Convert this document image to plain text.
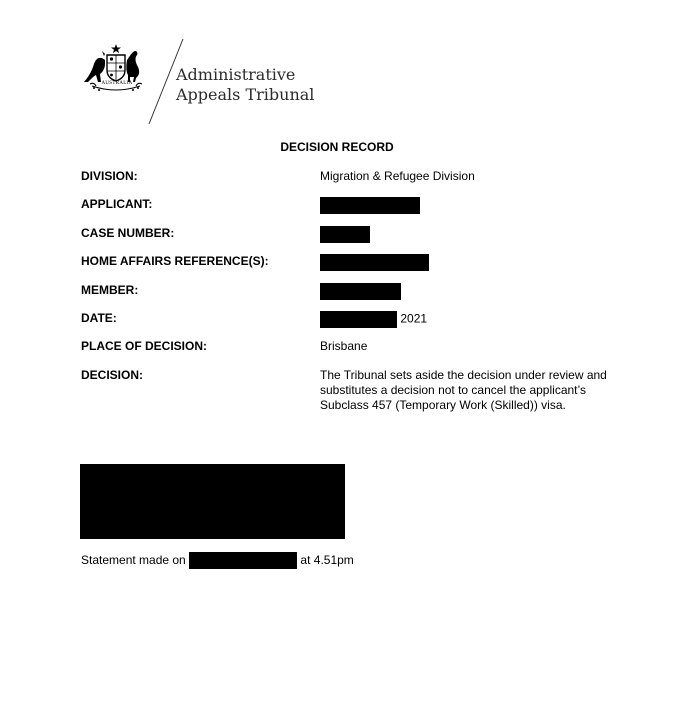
AUSTRALIA	Administrative
Appeals Tribunal
DECISION RECORD
DIVISION:	Migration & Refugee Division
APPLICANT:
CASE NUMBER:
HOME AFFAIRS REFERENCE(S):
MEMBER:
DATE:	2021
PLACE OF DECISION:	Brisbane
DECISION:	The Tribunal sets aside the decision under review and substitutes a decision not to cancel the applicant’s Subclass 457 (Temporary Work (Skilled)) visa.
Statement made on	at 4.51pm
